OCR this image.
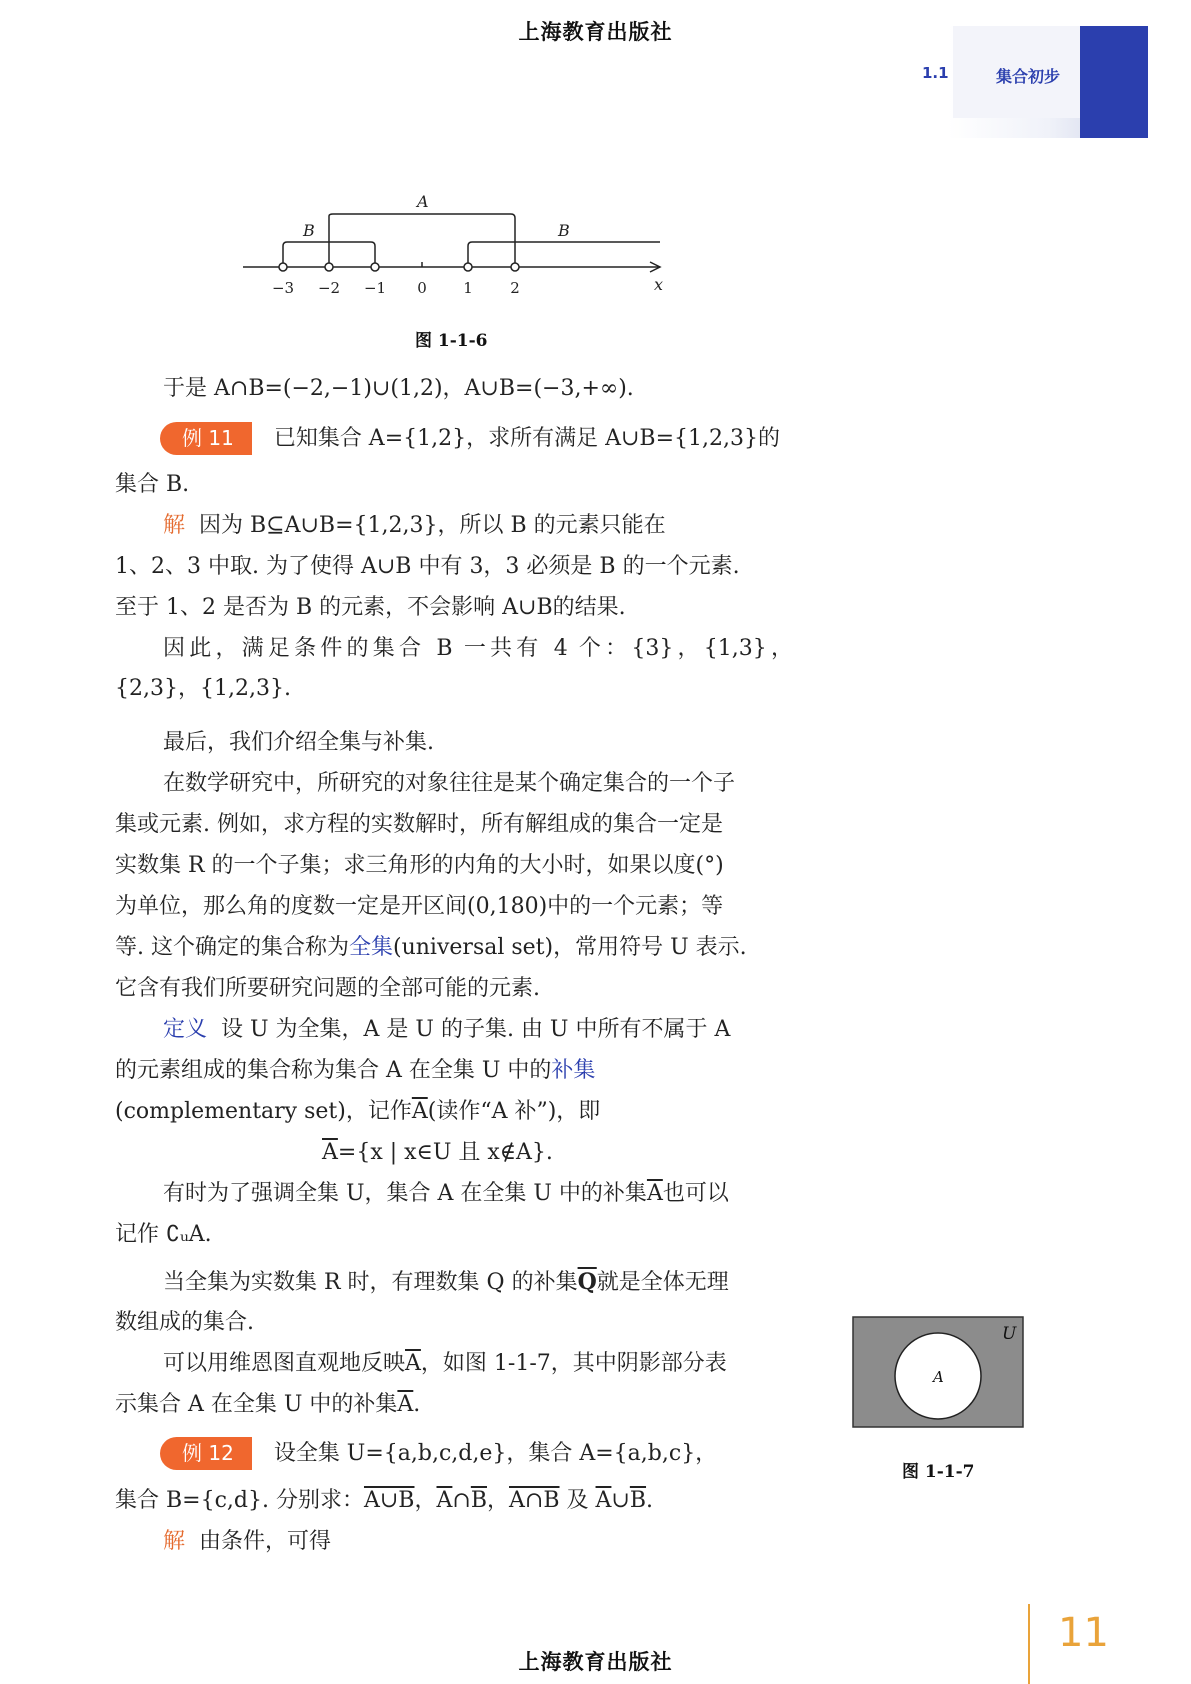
上海教育出版社
1.1	集合初步
A
B	B
x
−3 −2 −1 0 1 2
图 1-1-6
于是 A∩B=(−2,−1)∪(1,2)，A∪B=(−3,+∞).
例 11 已知集合 A={1,2}，求所有满足 A∪B={1,2,3}的
集合 B.
解 因为 B⊆A∪B={1,2,3}，所以 B 的元素只能在
1、2、3 中取. 为了使得 A∪B 中有 3，3 必须是 B 的一个元素.
至于 1、2 是否为 B 的元素，不会影响 A∪B的结果.
因此，满足条件的集合 B 一共有 4 个：{3}，{1,3}，
{2,3}，{1,2,3}.
最后，我们介绍全集与补集.
在数学研究中，所研究的对象往往是某个确定集合的一个子
集或元素. 例如，求方程的实数解时，所有解组成的集合一定是
实数集 R 的一个子集；求三角形的内角的大小时，如果以度(°)
为单位，那么角的度数一定是开区间(0,180)中的一个元素；等
等. 这个确定的集合称为全集(universal set)，常用符号 U 表示.
它含有我们所要研究问题的全部可能的元素.
定义 设 U 为全集，A 是 U 的子集. 由 U 中所有不属于 A
的元素组成的集合称为集合 A 在全集 U 中的补集
(complementary set)，记作$\overline{A}$(读作“A 补”)，即
$\overline{A}=\{x$ | x∈U 且 x∉A}.
有时为了强调全集 U，集合 A 在全集 U 中的补集$\overline{A}$也可以
记作 ∁ᵤA.
当全集为实数集 R 时，有理数集 Q 的补集$\overline{Q}$就是全体无理
数组成的集合.
可以用维恩图直观地反映$\overline{A}$，如图 1-1-7，其中阴影部分表
示集合 A 在全集 U 中的补集$\overline{A}$.
例 12 设全集 U={a,b,c,d,e}，集合 A={a,b,c}，
集合 B={c,d}. 分别求：A∪B，$\overline{A}\cap\overline{B}$，A∩B 及 $\overline{A}\cup\overline{B}$.
解 由条件，可得
U
A
图 1-1-7
11
上海教育出版社
